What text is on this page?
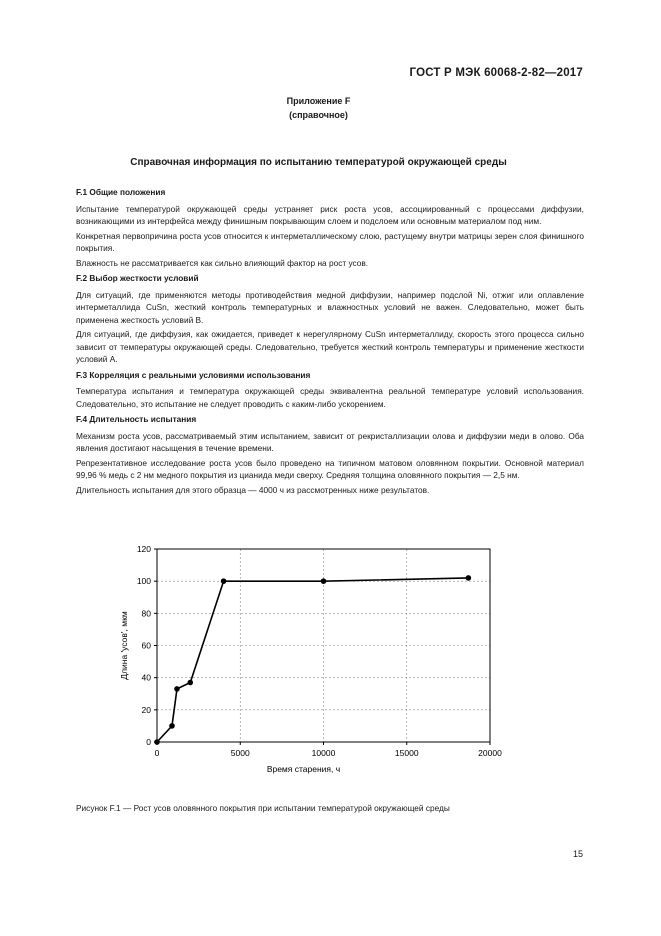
ГОСТ Р МЭК 60068-2-82—2017
Приложение F
(справочное)
Справочная информация по испытанию температурой окружающей среды

F.1 Общие положения

Испытание температурой окружающей среды устраняет риск роста усов, ассоциированный с процессами диффузии, возникающими из интерфейса между финишным покрывающим слоем и подслоем или основным материалом под ним.

Конкретная первопричина роста усов относится к интерметаллическому слою, растущему внутри матрицы зерен слоя финишного покрытия.

Влажность не рассматривается как сильно влияющий фактор на рост усов.

F.2 Выбор жесткости условий

Для ситуаций, где применяются методы противодействия медной диффузии, например подслой Ni, отжиг или оплавление интерметаллида CuSn, жесткий контроль температурных и влажностных условий не важен. Следовательно, может быть применена жесткость условий B.

Для ситуаций, где диффузия, как ожидается, приведет к нерегулярному CuSn интерметаллиду, скорость этого процесса сильно зависит от температуры окружающей среды. Следовательно, требуется жесткий контроль температуры и применение жесткости условий A.

F.3 Корреляция с реальными условиями использования

Температура испытания и температура окружающей среды эквивалентна реальной температуре условий использования. Следовательно, это испытание не следует проводить с каким-либо ускорением.

F.4 Длительность испытания

Механизм роста усов, рассматриваемый этим испытанием, зависит от рекристаллизации олова и диффузии меди в олово. Оба явления достигают насыщения в течение времени.

Репрезентативное исследование роста усов было проведено на типичном матовом оловянном покрытии. Основной материал 99,96 % медь с 2 нм медного покрытия из цианида меди сверху. Средняя толщина оловянного покрытия — 2,5 нм.

Длительность испытания для этого образца — 4000 ч из рассмотренных ниже результатов.

0
20
40
60
80
100
120
0	5000	10000	15000	20000
Время старения, ч
Длина 'усов', мкм
Рисунок F.1 — Рост усов оловянного покрытия при испытании температурой окружающей среды
15
